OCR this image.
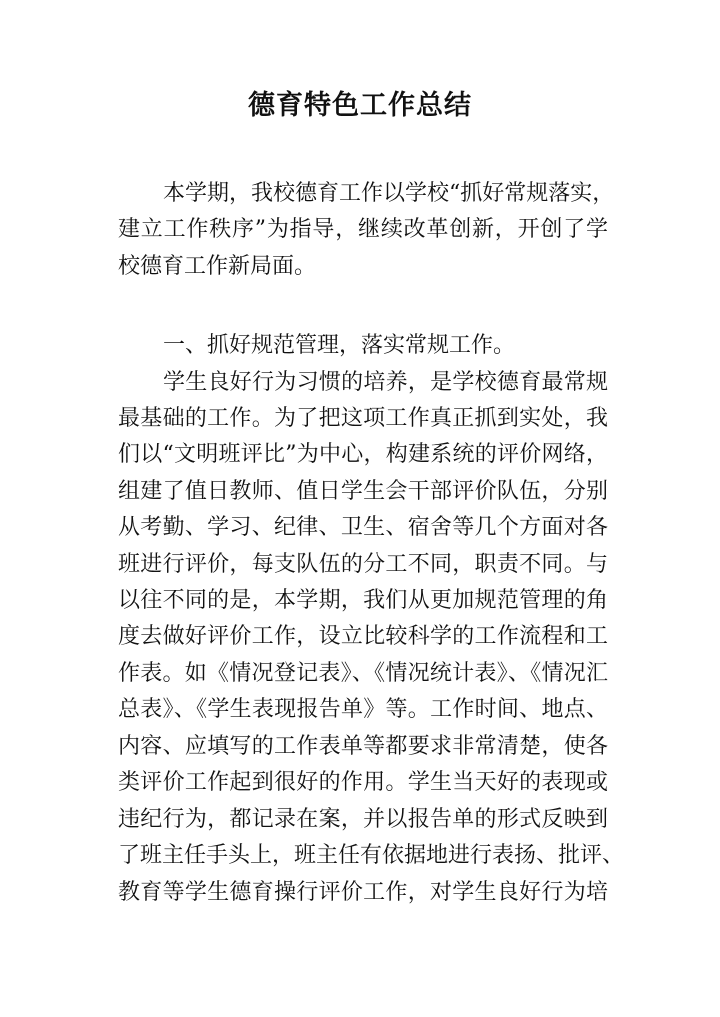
德育特色工作总结
本学期，我校德育工作以学校“抓好常规落实，
建立工作秩序”为指导，继续改革创新，开创了学
校德育工作新局面。
一、抓好规范管理，落实常规工作。
学生良好行为习惯的培养，是学校德育最常规
最基础的工作。为了把这项工作真正抓到实处，我
们以“文明班评比”为中心，构建系统的评价网络，
组建了值日教师、值日学生会干部评价队伍，分别
从考勤、学习、纪律、卫生、宿舍等几个方面对各
班进行评价，每支队伍的分工不同，职责不同。与
以往不同的是，本学期，我们从更加规范管理的角
度去做好评价工作，设立比较科学的工作流程和工
作表。如《情况登记表》、《情况统计表》、《情况汇
总表》、《学生表现报告单》等。工作时间、地点、
内容、应填写的工作表单等都要求非常清楚，使各
类评价工作起到很好的作用。学生当天好的表现或
违纪行为，都记录在案，并以报告单的形式反映到
了班主任手头上，班主任有依据地进行表扬、批评、
教育等学生德育操行评价工作，对学生良好行为培
